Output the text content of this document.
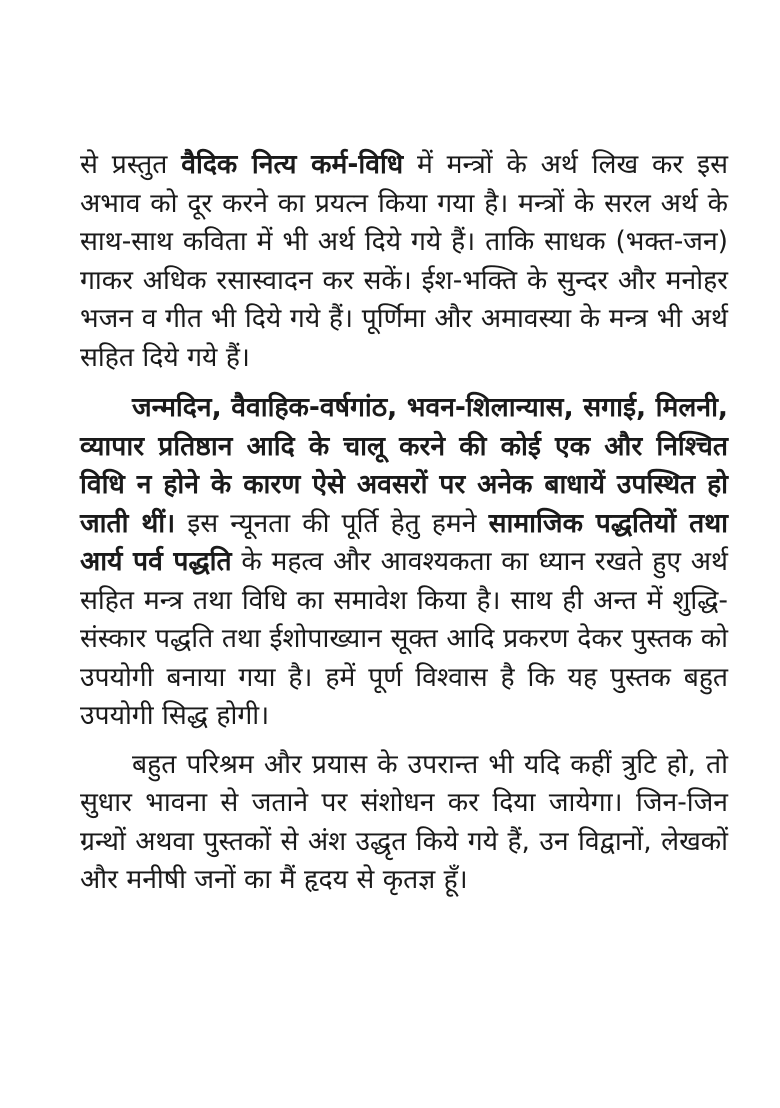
से प्रस्तुत वैदिक नित्य कर्म-विधि में मन्त्रों के अर्थ लिख कर इस अभाव को दूर करने का प्रयत्न किया गया है। मन्त्रों के सरल अर्थ के साथ-साथ कविता में भी अर्थ दिये गये हैं। ताकि साधक (भक्त-जन) गाकर अधिक रसास्वादन कर सकें। ईश-भक्ति के सुन्दर और मनोहर भजन व गीत भी दिये गये हैं। पूर्णिमा और अमावस्या के मन्त्र भी अर्थ सहित दिये गये हैं।

जन्मदिन, वैवाहिक-वर्षगांठ, भवन-शिलान्यास, सगाई, मिलनी, व्यापार प्रतिष्ठान आदि के चालू करने की कोई एक और निश्चित विधि न होने के कारण ऐसे अवसरों पर अनेक बाधायें उपस्थित हो जाती थीं। इस न्यूनता की पूर्ति हेतु हमने सामाजिक पद्धतियों तथा आर्य पर्व पद्धति के महत्व और आवश्यकता का ध्यान रखते हुए अर्थ सहित मन्त्र तथा विधि का समावेश किया है। साथ ही अन्त में शुद्धि-संस्कार पद्धति तथा ईशोपाख्यान सूक्त आदि प्रकरण देकर पुस्तक को उपयोगी बनाया गया है। हमें पूर्ण विश्वास है कि यह पुस्तक बहुत उपयोगी सिद्ध होगी।

बहुत परिश्रम और प्रयास के उपरान्त भी यदि कहीं त्रुटि हो, तो सुधार भावना से जताने पर संशोधन कर दिया जायेगा। जिन-जिन ग्रन्थों अथवा पुस्तकों से अंश उद्धृत किये गये हैं, उन विद्वानों, लेखकों और मनीषी जनों का मैं हृदय से कृतज्ञ हूँ।
